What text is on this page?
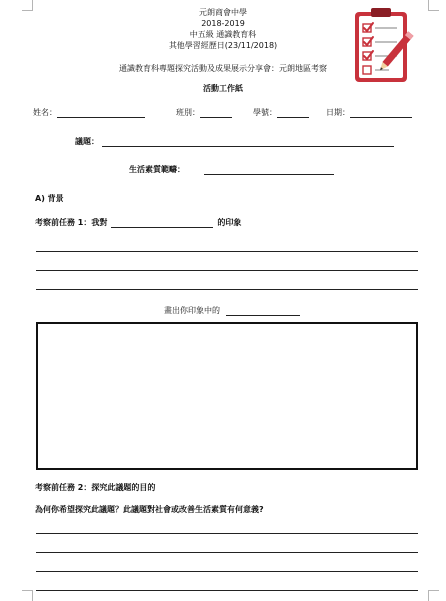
元朗商會中學
2018-2019
中五級 通識教育科
其他學習經歷日(23/11/2018)
通識教育科專題探究活動及成果展示分享會：元朗地區考察
活動工作紙
姓名：	班別：	學號：	日期：
議題：
生活素質範疇：
A) 背景
考察前任務 1：我對	的印象
畫出你印象中的
考察前任務 2：探究此議題的目的
為何你希望探究此議題？此議題對社會或改善生活素質有何意義?
